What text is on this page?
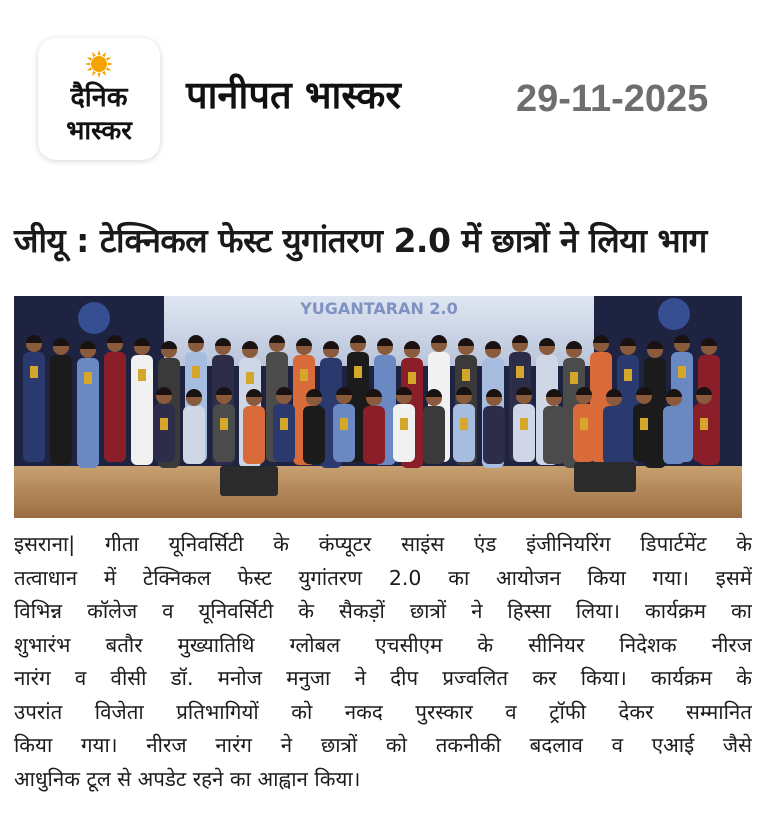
दैनिक
भास्कर
पानीपत भास्कर	29-11-2025
जीयू : टेक्निकल फेस्ट युगांतरण 2.0 में छात्रों ने लिया भाग
YUGANTARAN 2.0
इसराना| गीता यूनिवर्सिटी के कंप्यूटर साइंस एंड इंजीनियरिंग डिपार्टमेंट के
तत्वाधान में टेक्निकल फेस्ट युगांतरण 2.0 का आयोजन किया गया। इसमें
विभिन्न कॉलेज व यूनिवर्सिटी के सैकड़ों छात्रों ने हिस्सा लिया। कार्यक्रम का
शुभारंभ बतौर मुख्यातिथि ग्लोबल एचसीएम के सीनियर निदेशक नीरज
नारंग व वीसी डॉ. मनोज मनुजा ने दीप प्रज्वलित कर किया। कार्यक्रम के
उपरांत विजेता प्रतिभागियों को नकद पुरस्कार व ट्रॉफी देकर सम्मानित
किया गया। नीरज नारंग ने छात्रों को तकनीकी बदलाव व एआई जैसे
आधुनिक टूल से अपडेट रहने का आह्वान किया।
